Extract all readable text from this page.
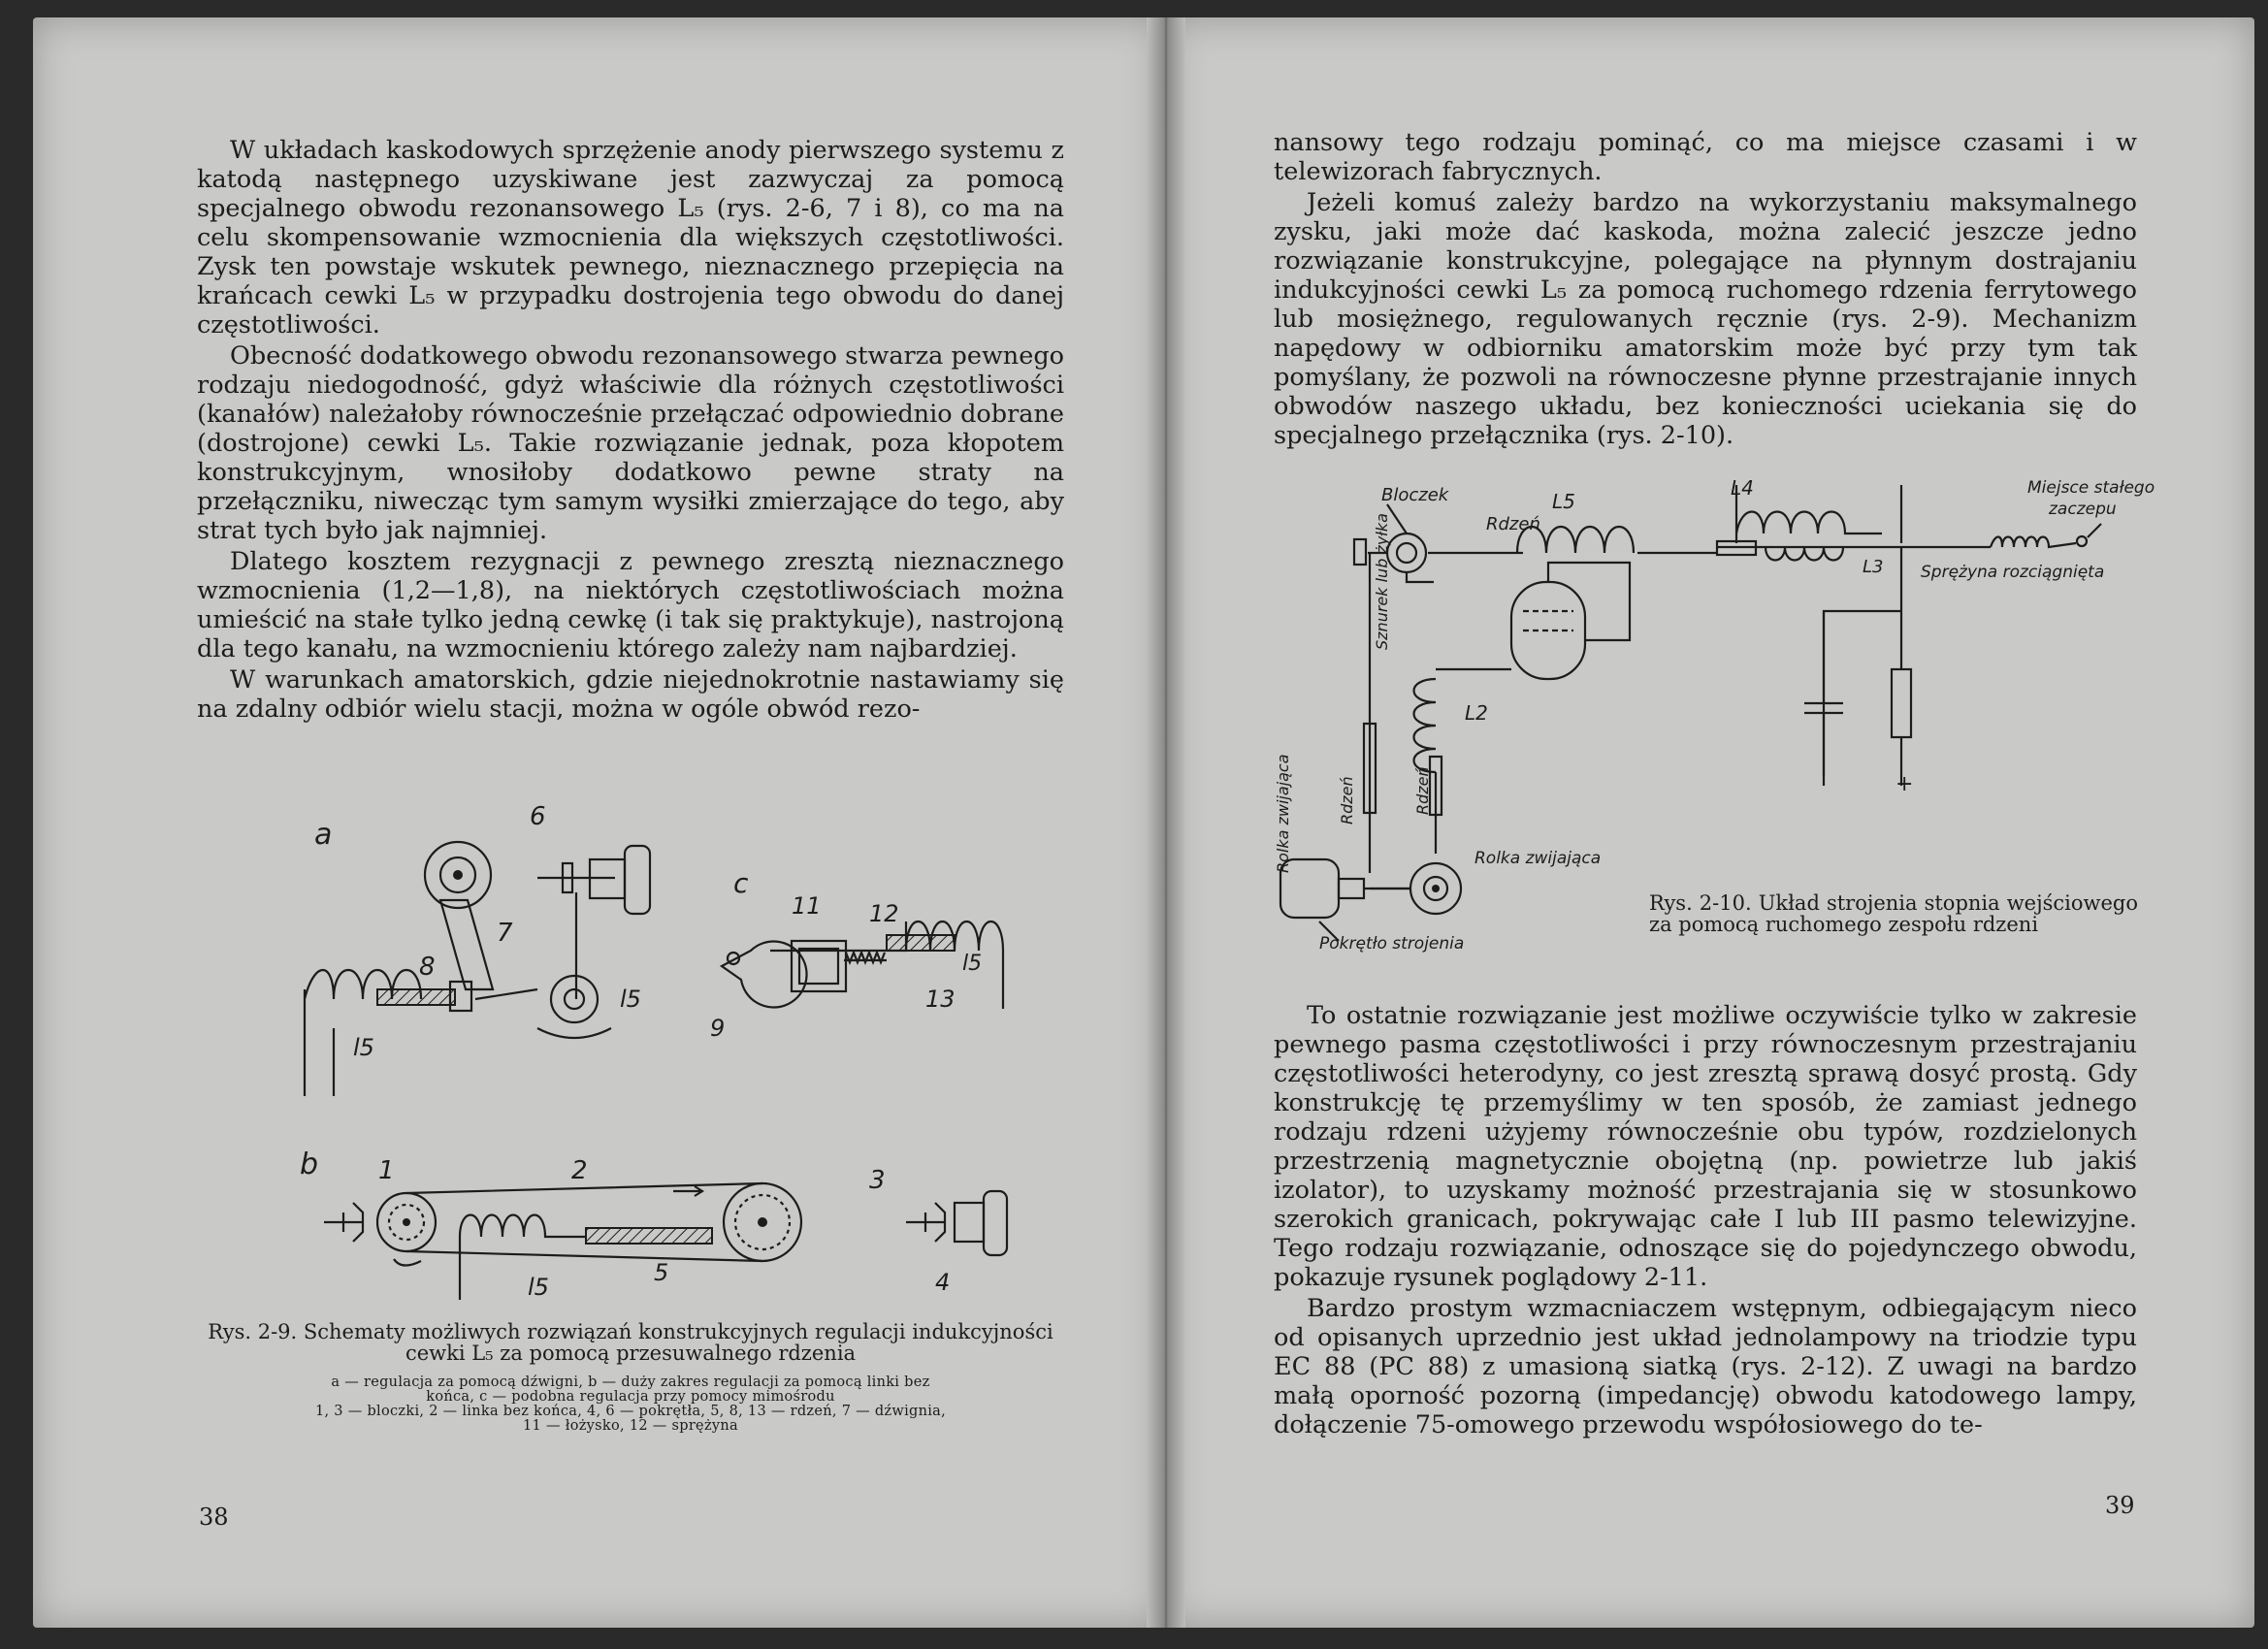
W układach kaskodowych sprzężenie anody pierwszego systemu z katodą następnego uzyskiwane jest zazwyczaj za pomocą specjalnego obwodu rezonansowego L₅ (rys. 2-6, 7 i 8), co ma na celu skompensowanie wzmocnienia dla większych częstotliwości. Zysk ten powstaje wskutek pewnego, nieznacznego przepięcia na krańcach cewki L₅ w przypadku dostrojenia tego obwodu do danej częstotliwości.

Obecność dodatkowego obwodu rezonansowego stwarza pewnego rodzaju niedogodność, gdyż właściwie dla różnych częstotliwości (kanałów) należałoby równocześnie przełączać odpowiednio dobrane (dostrojone) cewki L₅. Takie rozwiązanie jednak, poza kłopotem konstrukcyjnym, wnosiłoby dodatkowo pewne straty na przełączniku, niwecząc tym samym wysiłki zmierzające do tego, aby strat tych było jak najmniej.

Dlatego kosztem rezygnacji z pewnego zresztą nieznacznego wzmocnienia (1,2—1,8), na niektórych częstotliwościach można umieścić na stałe tylko jedną cewkę (i tak się praktykuje), nastrojoną dla tego kanału, na wzmocnieniu którego zależy nam najbardziej.

W warunkach amatorskich, gdzie niejednokrotnie nastawiamy się na zdalny odbiór wielu stacji, można w ogóle obwód rezo-

a
6
7
8
l5
l5
c
11 12
9
13
l5
b 1	2	3
l5
5	4
Rys. 2-9. Schematy możliwych rozwiązań konstrukcyjnych regulacji indukcyjności cewki L₅ za pomocą przesuwalnego rdzenia
a — regulacja za pomocą dźwigni, b — duży zakres regulacji za pomocą linki bez
końca, c — podobna regulacja przy pomocy mimośrodu
1, 3 — bloczki, 2 — linka bez końca, 4, 6 — pokrętła, 5, 8, 13 — rdzeń, 7 — dźwignia,
11 — łożysko, 12 — sprężyna
38

nansowy tego rodzaju pominąć, co ma miejsce czasami i w telewizorach fabrycznych.

Jeżeli komuś zależy bardzo na wykorzystaniu maksymalnego zysku, jaki może dać kaskoda, można zalecić jeszcze jedno rozwiązanie konstrukcyjne, polegające na płynnym dostrajaniu indukcyjności cewki L₅ za pomocą ruchomego rdzenia ferrytowego lub mosiężnego, regulowanych ręcznie (rys. 2-9). Mechanizm napędowy w odbiorniku amatorskim może być przy tym tak pomyślany, że pozwoli na równoczesne płynne przestrajanie innych obwodów naszego układu, bez konieczności uciekania się do specjalnego przełącznika (rys. 2-10).

Bloczek
Rdzeń
L5
L4
L3
L2
Miejsce stałego
zaczepu
Sprężyna rozciągnięta
+
Rolka zwijająca
Pokrętło strojenia
Sznurek lub żyłka
Rolka zwijająca	Rdzeń	Rdzeń
Rys. 2-10. Układ strojenia stopnia wejściowego za pomocą ruchomego zespołu rdzeni

To ostatnie rozwiązanie jest możliwe oczywiście tylko w zakresie pewnego pasma częstotliwości i przy równoczesnym przestrajaniu częstotliwości heterodyny, co jest zresztą sprawą dosyć prostą. Gdy konstrukcję tę przemyślimy w ten sposób, że zamiast jednego rodzaju rdzeni użyjemy równocześnie obu typów, rozdzielonych przestrzenią magnetycznie obojętną (np. powietrze lub jakiś izolator), to uzyskamy możność przestrajania się w stosunkowo szerokich granicach, pokrywając całe I lub III pasmo telewizyjne. Tego rodzaju rozwiązanie, odnoszące się do pojedynczego obwodu, pokazuje rysunek poglądowy 2-11.

Bardzo prostym wzmacniaczem wstępnym, odbiegającym nieco od opisanych uprzednio jest układ jednolampowy na triodzie typu EC 88 (PC 88) z umasioną siatką (rys. 2-12). Z uwagi na bardzo małą oporność pozorną (impedancję) obwodu katodowego lampy, dołączenie 75-omowego przewodu współosiowego do te-

39
